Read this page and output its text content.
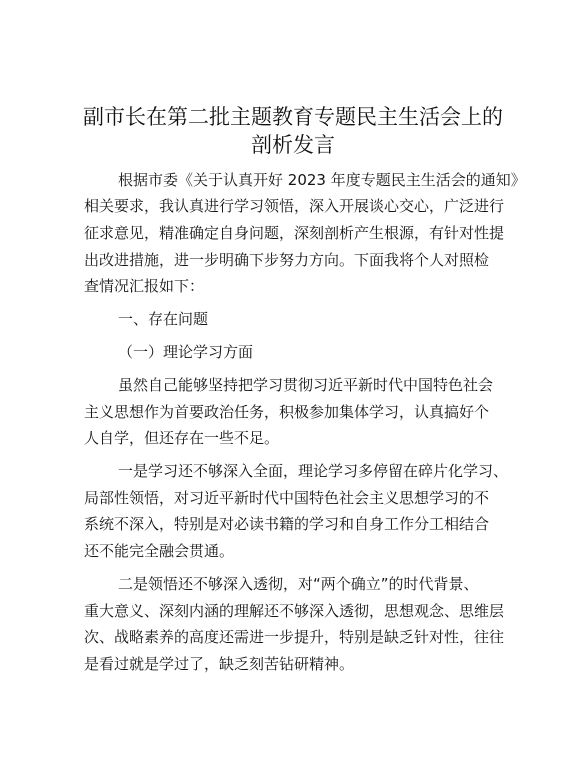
副市长在第二批主题教育专题民主生活会上的
剖析发言
根据市委《关于认真开好 2023 年度专题民主生活会的通知》
相关要求，我认真进行学习领悟，深入开展谈心交心，广泛进行
征求意见，精准确定自身问题，深刻剖析产生根源，有针对性提
出改进措施，进一步明确下步努力方向。下面我将个人对照检
查情况汇报如下：
一、存在问题
（一）理论学习方面
虽然自己能够坚持把学习贯彻习近平新时代中国特色社会
主义思想作为首要政治任务，积极参加集体学习，认真搞好个
人自学，但还存在一些不足。
一是学习还不够深入全面，理论学习多停留在碎片化学习、
局部性领悟，对习近平新时代中国特色社会主义思想学习的不
系统不深入，特别是对必读书籍的学习和自身工作分工相结合
还不能完全融会贯通。
二是领悟还不够深入透彻，对“两个确立”的时代背景、
重大意义、深刻内涵的理解还不够深入透彻，思想观念、思维层
次、战略素养的高度还需进一步提升，特别是缺乏针对性，往往
是看过就是学过了，缺乏刻苦钻研精神。
